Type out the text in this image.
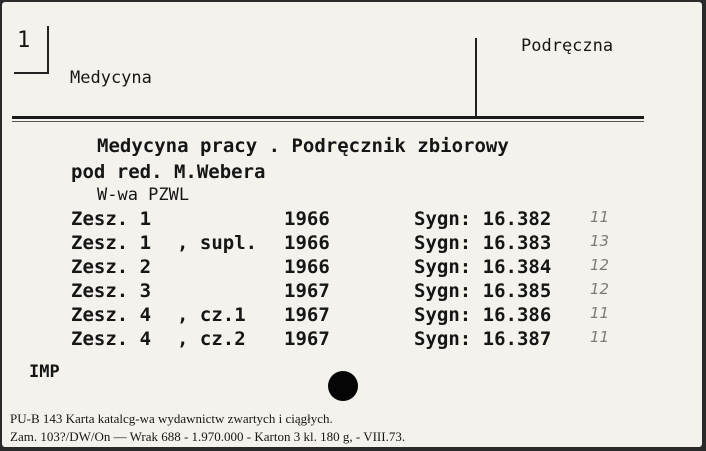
1
Medycyna
Podręczna
Medycyna pracy . Podręcznik zbiorowy
pod red. M.Webera
W-wa PZWL
Zesz. 1	1966	Sygn: 16.382	11
Zesz. 1 , supl. 1966	Sygn: 16.383	13
Zesz. 2	1966	Sygn: 16.384	12
Zesz. 3	1967	Sygn: 16.385	12
Zesz. 4 , cz.1 1967	Sygn: 16.386	11
Zesz. 4 , cz.2 1967	Sygn: 16.387	11
IMP
PU-B 143 Karta katalcg-wa wydawnictw zwartych i ciągłych.
Zam. 103?/DW/On — Wrak 688 - 1.970.000 - Karton 3 kl. 180 g, - VIII.73.
